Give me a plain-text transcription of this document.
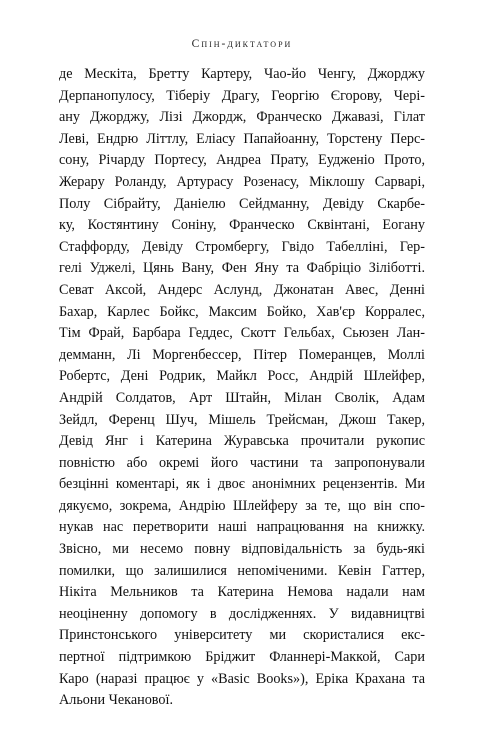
Спін-диктатори
де Мескіта, Бретту Картеру, Чао-йо Ченгу, Джорджу
Дерпанопулосу, Тіберіу Драгу, Георгію Єгорову, Чері-
ану Джорджу, Лізі Джордж, Франческо Джавазі, Гілат
Леві, Ендрю Літтлу, Еліасу Папайоанну, Торстену Перс-
сону, Річарду Портесу, Андреа Прату, Еудженіо Прото,
Жерару Роланду, Артурасу Розенасу, Міклошу Сарварі,
Полу Сібрайту, Даніелю Сейдманну, Девіду Скарбе-
ку, Костянтину Соніну, Франческо Сквінтані, Еогану
Стаффорду, Девіду Стромбергу, Гвідо Табелліні, Гер-
гелі Уджелі, Цянь Вану, Фен Яну та Фабріціо Зілібoтті.
Севат Аксой, Андерс Аслунд, Джонатан Авес, Денні
Бахар, Карлес Бойкс, Максим Бойко, Хав'єр Корралес,
Тім Фрай, Барбара Геддес, Скотт Гельбах, Сьюзен Лан-
демманн, Лі Моргенбессер, Пітер Померанцев, Моллі
Робертс, Дені Родрик, Майкл Росс, Андрій Шлейфер,
Андрій Солдатов, Арт Штайн, Мілан Сволік, Адам
Зейдл, Ференц Шуч, Мішель Трейсман, Джош Такер,
Девід Янг і Катерина Журавська прочитали рукопис
повністю або окремі його частини та запропонували
безцінні коментарі, як і двоє анонімних рецензентів. Ми
дякуємо, зокрема, Андрію Шлейферу за те, що він спо-
нукав нас перетворити наші напрацювання на книжку.
Звісно, ми несемо повну відповідальність за будь-які
помилки, що залишилися непоміченими. Кевін Гаттер,
Нікіта Мельников та Катерина Немова надали нам
неоціненну допомогу в дослідженнях. У видавництві
Принстонського університету ми скористалися екс-
пертної підтримкою Бріджит Фланнері-Маккой, Сари
Каро (наразі працює у «Basic Books»), Еріка Крахана та
Альони Чеканової.
